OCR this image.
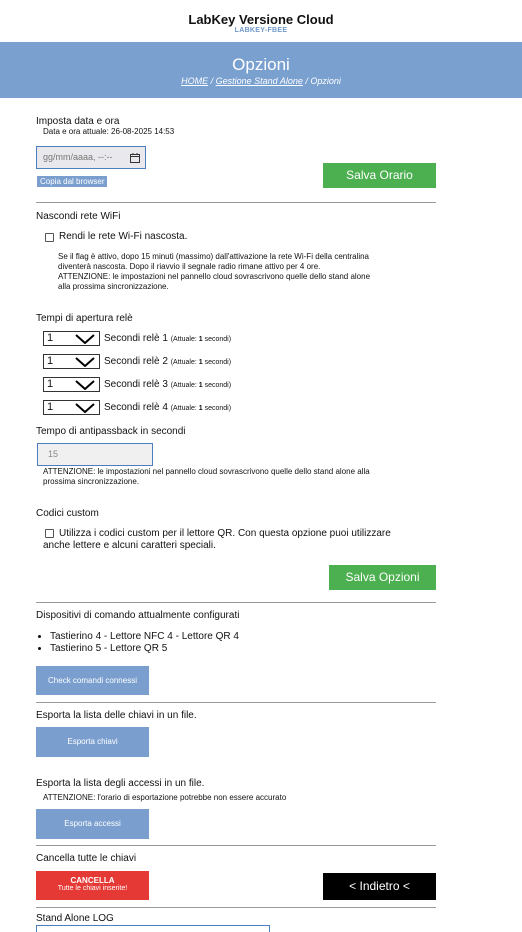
LabKey Versione Cloud
LABKEY-FBEE
Opzioni
HOME / Gestione Stand Alone / Opzioni
Imposta data e ora
Data e ora attuale: 26-08-2025 14:53
gg/mm/aaaa, --:--
Copia dal browser	Salva Orario
Nascondi rete WiFi
Rendi le rete Wi-Fi nascosta.
Se il flag è attivo, dopo 15 minuti (massimo) dall'attivazione la rete Wi-Fi della centralina
diventerà nascosta. Dopo il riavvio il segnale radio rimane attivo per 4 ore.
ATTENZIONE: le impostazioni nel pannello cloud sovrascrivono quelle dello stand alone
alla prossima sincronizzazione.
Tempi di apertura relè
1	Secondi relè 1 (Attuale: 1 secondi)
1	Secondi relè 2 (Attuale: 1 secondi)
1	Secondi relè 3 (Attuale: 1 secondi)
1	Secondi relè 4 (Attuale: 1 secondi)
Tempo di antipassback in secondi
15
ATTENZIONE: le impostazioni nel pannello cloud sovrascrivono quelle dello stand alone alla
prossima sincronizzazione.
Codici custom
Utilizza i codici custom per il lettore QR. Con questa opzione puoi utilizzare
anche lettere e alcuni caratteri speciali.
Salva Opzioni
Dispositivi di comando attualmente configurati
• Tastierino 4 - Lettore NFC 4 - Lettore QR 4
• Tastierino 5 - Lettore QR 5
Check comandi connessi
Esporta la lista delle chiavi in un file.
Esporta chiavi
Esporta la lista degli accessi in un file.
ATTENZIONE: l'orario di esportazione potrebbe non essere accurato
Esporta accessi
Cancella tutte le chiavi
CANCELLA
Tutte le chiavi inserite!	< Indietro <
Stand Alone LOG
